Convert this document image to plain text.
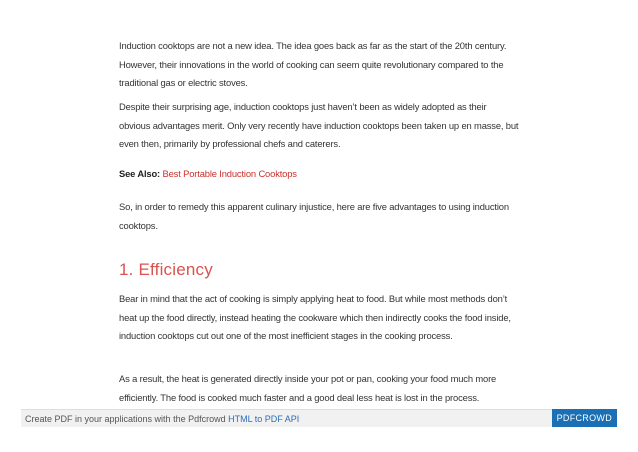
Induction cooktops are not a new idea. The idea goes back as far as the start of the 20th century. However, their innovations in the world of cooking can seem quite revolutionary compared to the traditional gas or electric stoves.

Despite their surprising age, induction cooktops just haven’t been as widely adopted as their obvious advantages merit. Only very recently have induction cooktops been taken up en masse, but even then, primarily by professional chefs and caterers.

See Also: Best Portable Induction Cooktops

So, in order to remedy this apparent culinary injustice, here are five advantages to using induction cooktops.

1. Efficiency

Bear in mind that the act of cooking is simply applying heat to food. But while most methods don’t heat up the food directly, instead heating the cookware which then indirectly cooks the food inside, induction cooktops cut out one of the most inefficient stages in the cooking process.

As a result, the heat is generated directly inside your pot or pan, cooking your food much more efficiently. The food is cooked much faster and a good deal less heat is lost in the process.

Create PDF in your applications with the Pdfcrowd HTML to PDF API	PDFCROWD
